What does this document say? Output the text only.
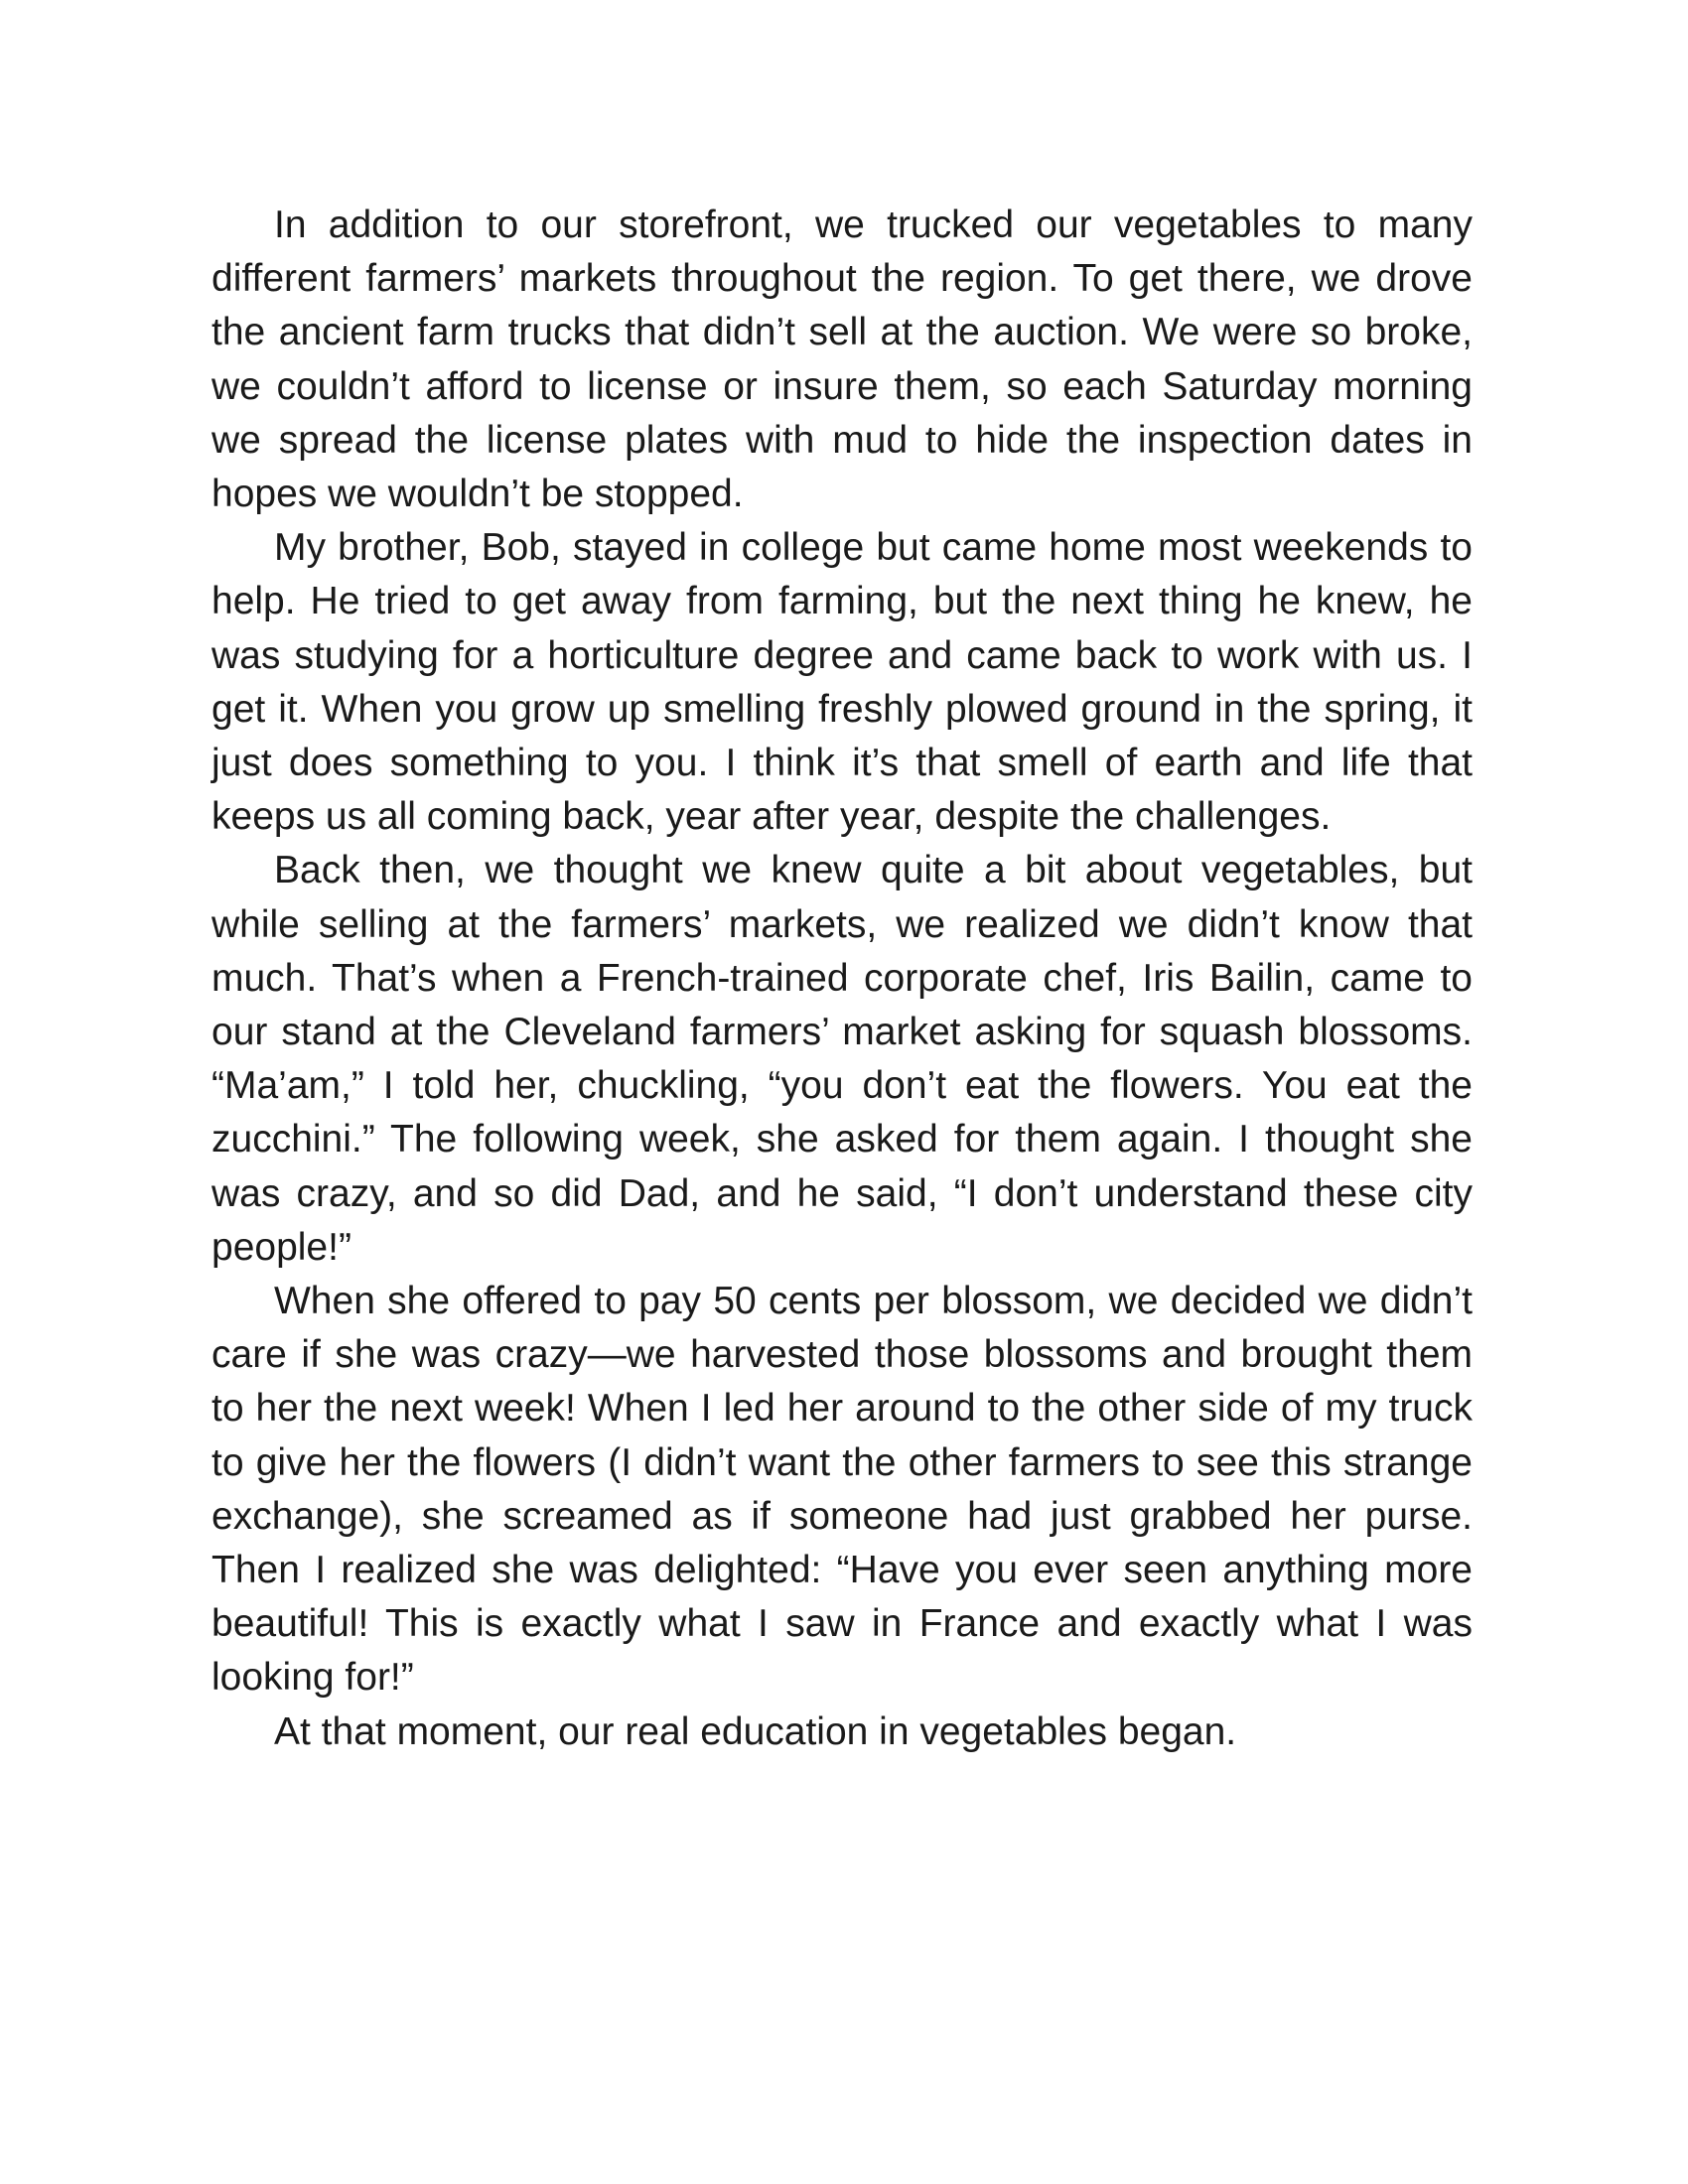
In addition to our storefront, we trucked our vegetables to many different farmers’ markets throughout the region. To get there, we drove the ancient farm trucks that didn’t sell at the auction. We were so broke, we couldn’t afford to license or insure them, so each Saturday morning we spread the license plates with mud to hide the inspection dates in hopes we wouldn’t be stopped.

My brother, Bob, stayed in college but came home most weekends to help. He tried to get away from farming, but the next thing he knew, he was studying for a horticulture degree and came back to work with us. I get it. When you grow up smelling freshly plowed ground in the spring, it just does something to you. I think it’s that smell of earth and life that keeps us all coming back, year after year, despite the challenges.

Back then, we thought we knew quite a bit about vegetables, but while selling at the farmers’ markets, we realized we didn’t know that much. That’s when a French-trained corporate chef, Iris Bailin, came to our stand at the Cleveland farmers’ market asking for squash blossoms. “Ma’am,” I told her, chuckling, “you don’t eat the flowers. You eat the zucchini.” The following week, she asked for them again. I thought she was crazy, and so did Dad, and he said, “I don’t understand these city people!”

When she offered to pay 50 cents per blossom, we decided we didn’t care if she was crazy—we harvested those blossoms and brought them to her the next week! When I led her around to the other side of my truck to give her the flowers (I didn’t want the other farmers to see this strange exchange), she screamed as if someone had just grabbed her purse. Then I realized she was delighted: “Have you ever seen anything more beautiful! This is exactly what I saw in France and exactly what I was looking for!”

At that moment, our real education in vegetables began.
